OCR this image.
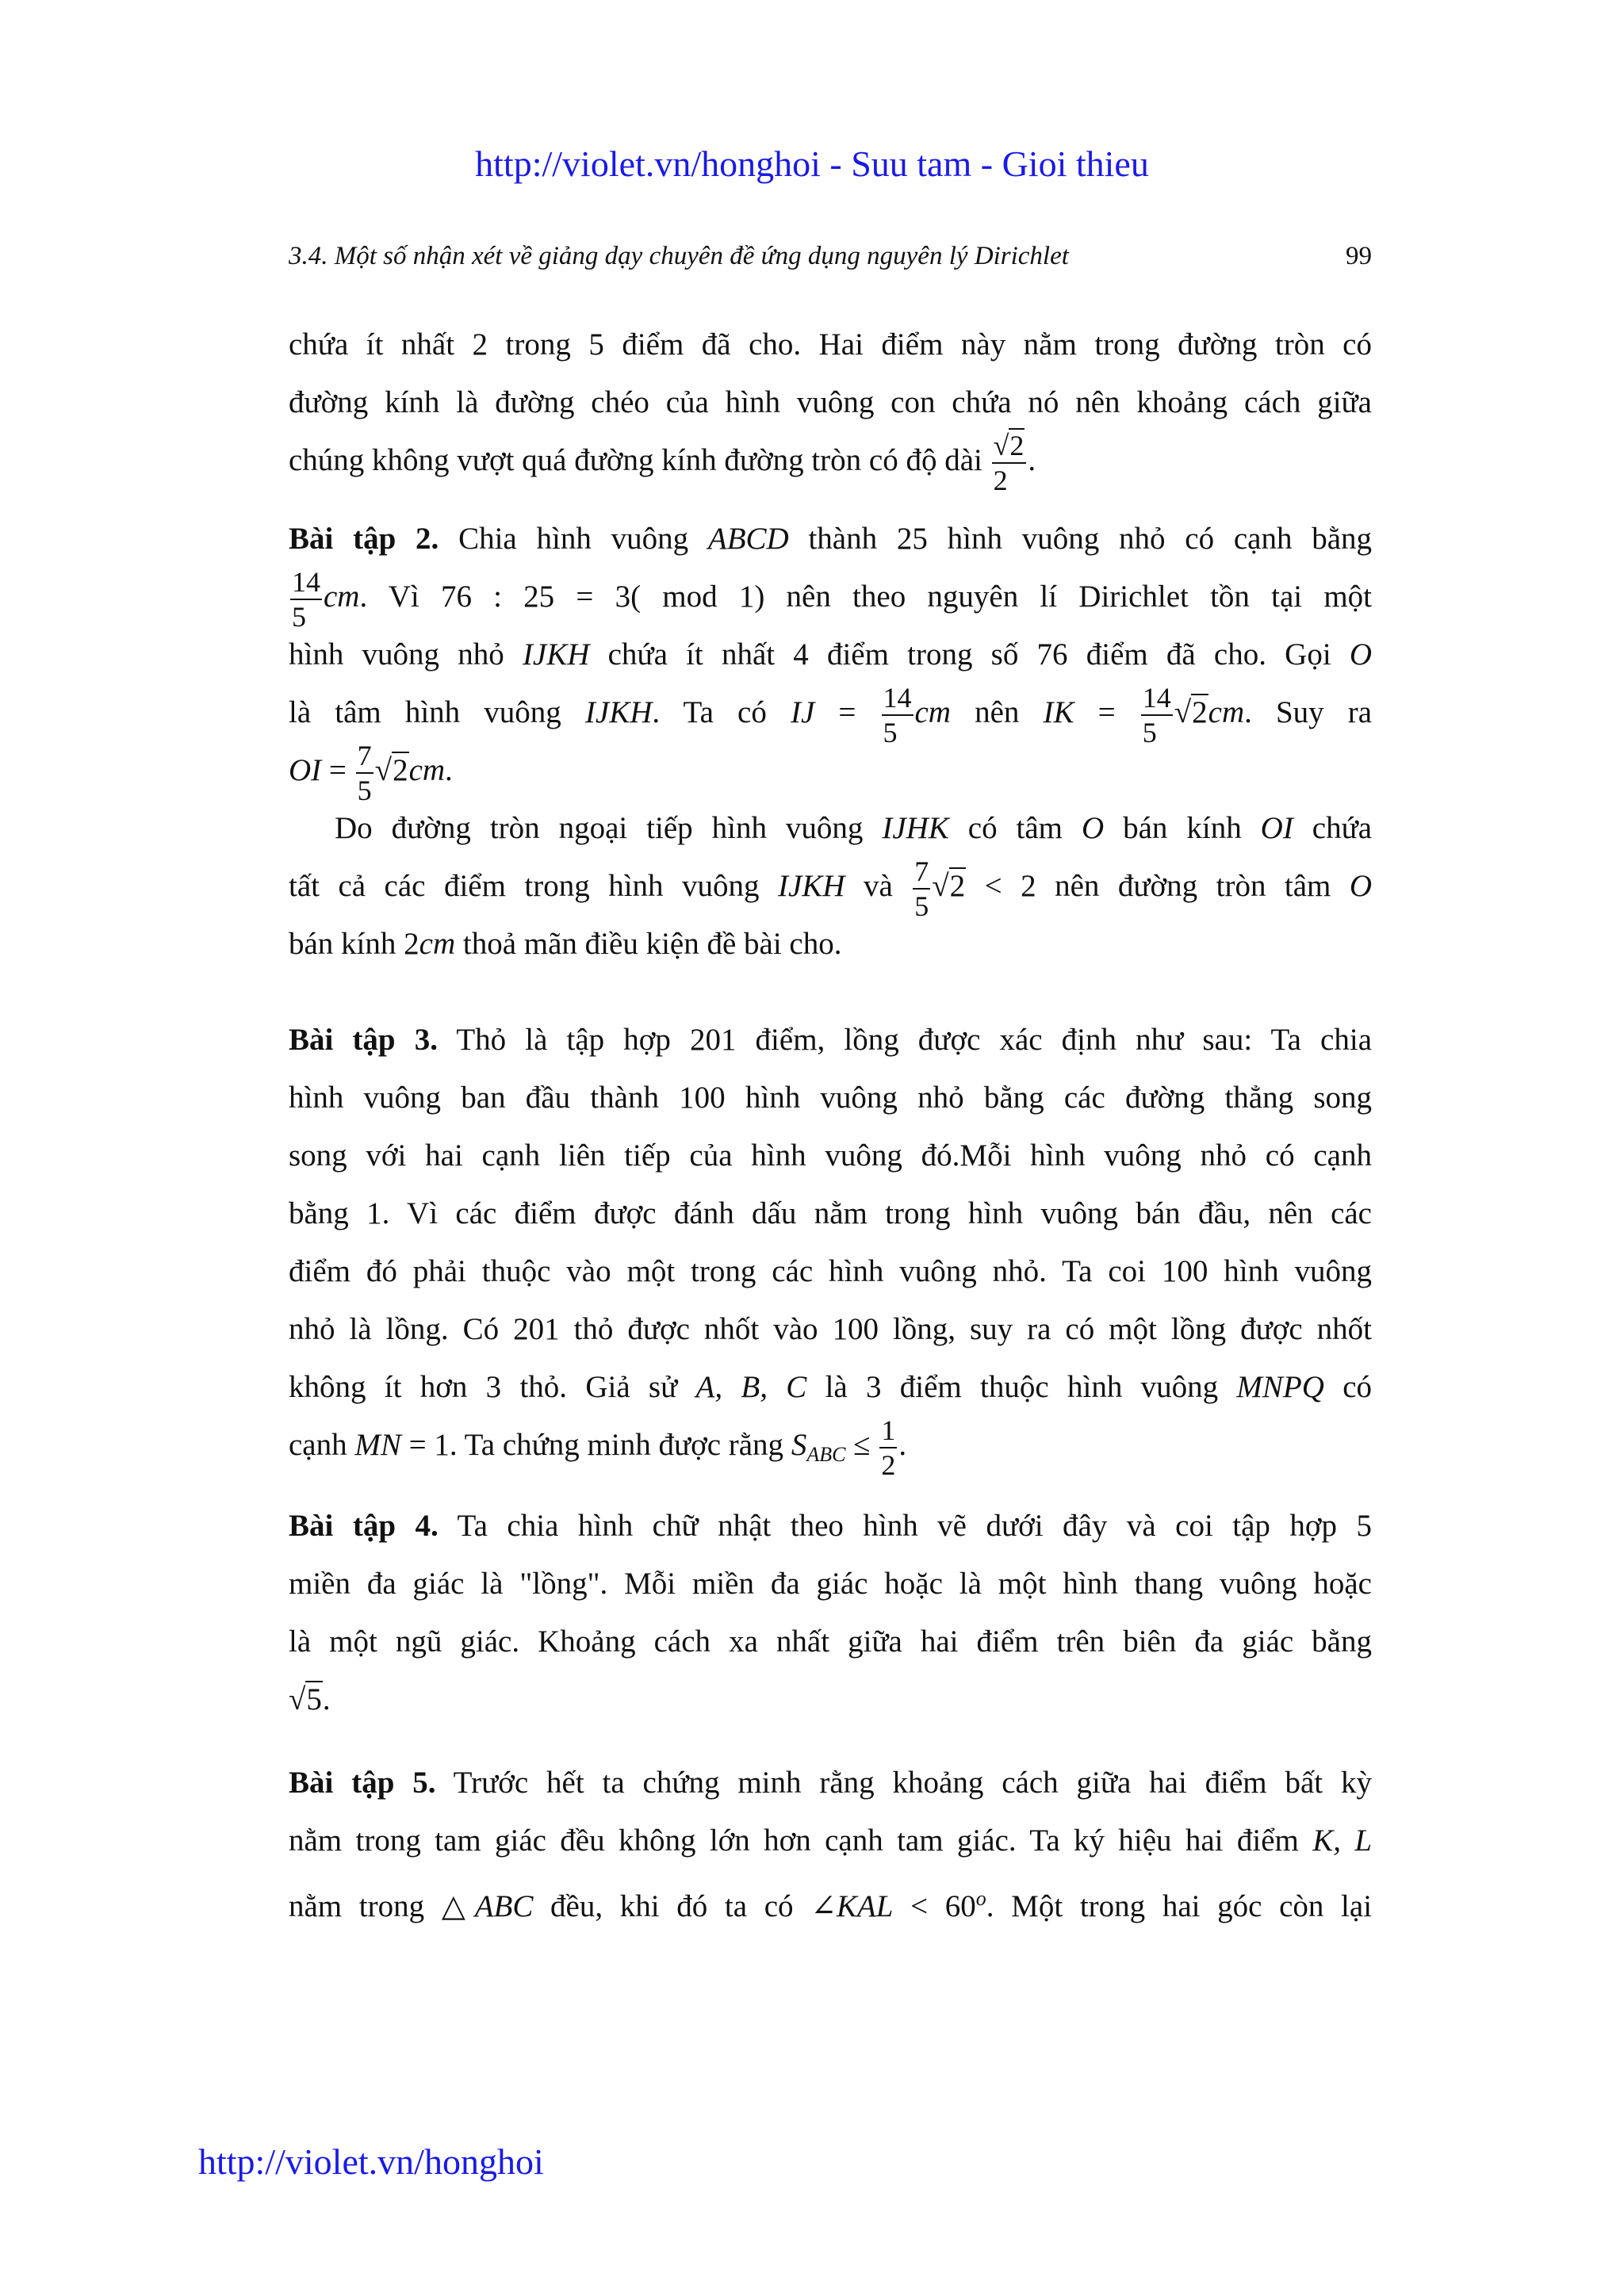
http://violet.vn/honghoi - Suu tam - Gioi thieu
3.4. Một số nhận xét về giảng dạy chuyên đề ứng dụng nguyên lý Dirichlet	99
chứa ít nhất 2 trong 5 điểm đã cho. Hai điểm này nằm trong đường tròn có
đường kính là đường chéo của hình vuông con chứa nó nên khoảng cách giữa
chúng không vượt quá đường kính đường tròn có độ dài $\frac{√2}{2}$ .
Bài tập 2. Chia hình vuông ABCD thành 25 hình vuông nhỏ có cạnh bằng
$\frac{14}{5}$ cm. Vì 76 : 25 = 3( mod 1) nên theo nguyên lí Dirichlet tồn tại một
hình vuông nhỏ IJKH chứa ít nhất 4 điểm trong số 76 điểm đã cho. Gọi O
là tâm hình vuông IJKH. Ta có IJ = $\frac{14}{5}$ cm nên IK = $\frac{14}{5} √2cm$. Suy ra
OI = $\frac{7}{5} √2cm$.
Do đường tròn ngoại tiếp hình vuông IJHK có tâm O bán kính OI chứa
tất cả các điểm trong hình vuông IJKH và $\frac{7}{5} √2 < 2$ nên đường tròn tâm O
bán kính 2cm thoả mãn điều kiện đề bài cho.
Bài tập 3. Thỏ là tập hợp 201 điểm, lồng được xác định như sau: Ta chia
hình vuông ban đầu thành 100 hình vuông nhỏ bằng các đường thẳng song
song với hai cạnh liên tiếp của hình vuông đó.Mỗi hình vuông nhỏ có cạnh
bằng 1. Vì các điểm được đánh dấu nằm trong hình vuông bán đầu, nên các
điểm đó phải thuộc vào một trong các hình vuông nhỏ. Ta coi 100 hình vuông
nhỏ là lồng. Có 201 thỏ được nhốt vào 100 lồng, suy ra có một lồng được nhốt
không ít hơn 3 thỏ. Giả sử A, B, C là 3 điểm thuộc hình vuông MNPQ có
cạnh MN = 1. Ta chứng minh được rằng $S_{ABC} \le \frac{1}{2}$ .
Bài tập 4. Ta chia hình chữ nhật theo hình vẽ dưới đây và coi tập hợp 5
miền đa giác là "lồng". Mỗi miền đa giác hoặc là một hình thang vuông hoặc
là một ngũ giác. Khoảng cách xa nhất giữa hai điểm trên biên đa giác bằng
√5.
Bài tập 5. Trước hết ta chứng minh rằng khoảng cách giữa hai điểm bất kỳ
nằm trong tam giác đều không lớn hơn cạnh tam giác. Ta ký hiệu hai điểm K, L
nằm trong △ABC đều, khi đó ta có ∠KAL < $60^o$. Một trong hai góc còn lại
http://violet.vn/honghoi
